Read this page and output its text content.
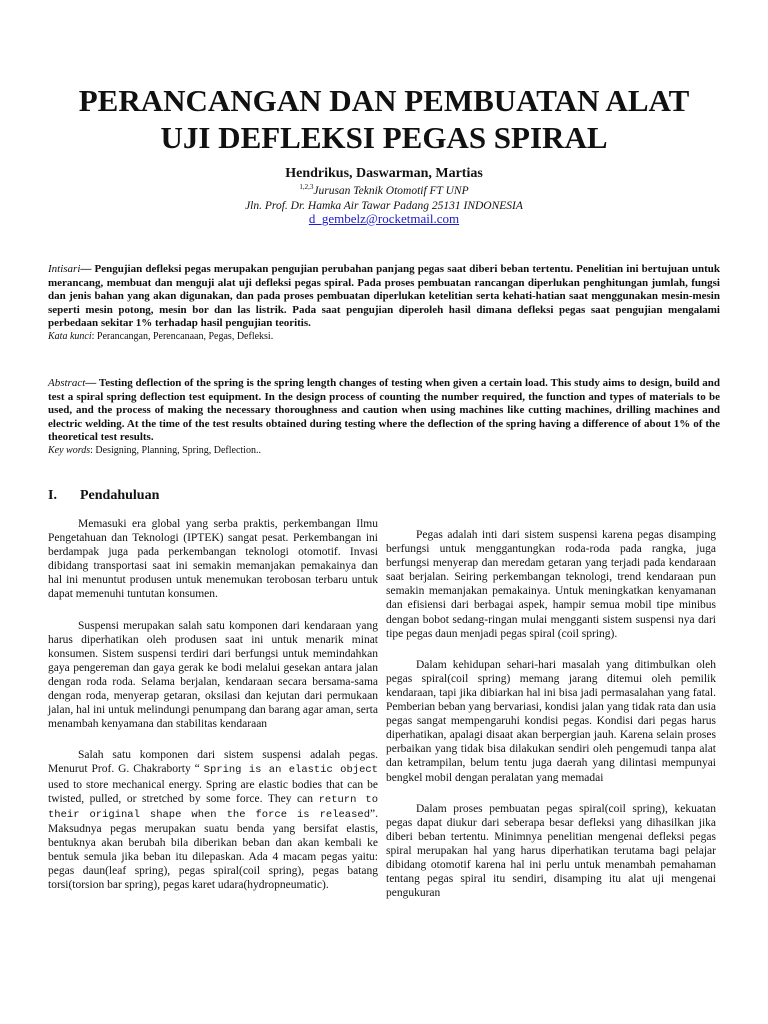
PERANCANGAN DAN PEMBUATAN ALAT
UJI DEFLEKSI PEGAS SPIRAL
Hendrikus, Daswarman, Martias
$^{1,2,3}$Jurusan Teknik Otomotif FT UNP
Jln. Prof. Dr. Hamka Air Tawar Padang 25131 INDONESIA
d_gembelz@rocketmail.com

Intisari— Pengujian defleksi pegas merupakan pengujian perubahan panjang pegas saat diberi beban tertentu. Penelitian ini bertujuan untuk merancang, membuat dan menguji alat uji defleksi pegas spiral. Pada proses pembuatan rancangan diperlukan penghitungan jumlah, fungsi dan jenis bahan yang akan digunakan, dan pada proses pembuatan diperlukan ketelitian serta kehati-hatian saat menggunakan mesin-mesin seperti mesin potong, mesin bor dan las listrik. Pada saat pengujian diperoleh hasil dimana defleksi pegas saat pengujian mengalami perbedaan sekitar 1% terhadap hasil pengujian teoritis.

Kata kunci: Perancangan, Perencanaan, Pegas, Defleksi.

Abstract— Testing deflection of the spring is the spring length changes of testing when given a certain load. This study aims to design, build and test a spiral spring deflection test equipment. In the design process of counting the number required, the function and types of materials to be used, and the process of making the necessary thoroughness and caution when using machines like cutting machines, drilling machines and electric welding. At the time of the test results obtained during testing where the deflection of the spring having a difference of about 1% of the theoretical test results.

Key words: Designing, Planning, Spring, Deflection..

I. Pendahuluan

Memasuki era global yang serba praktis, perkembangan Ilmu Pengetahuan dan Teknologi (IPTEK) sangat pesat. Perkembangan ini berdampak juga pada perkembangan teknologi otomotif. Invasi dibidang transportasi saat ini semakin memanjakan pemakainya dan hal ini menuntut produsen untuk menemukan terobosan terbaru untuk dapat memenuhi tuntutan konsumen.

Suspensi merupakan salah satu komponen dari kendaraan yang harus diperhatikan oleh produsen saat ini untuk menarik minat konsumen. Sistem suspensi terdiri dari berfungsi untuk memindahkan gaya pengereman dan gaya gerak ke bodi melalui gesekan antara jalan dengan roda roda. Selama berjalan, kendaraan secara bersama-sama dengan roda, menyerap getaran, oksilasi dan kejutan dari permukaan jalan, hal ini untuk melindungi penumpang dan barang agar aman, serta menambah kenyamana dan stabilitas kendaraan

Salah satu komponen dari sistem suspensi adalah pegas. Menurut Prof. G. Chakraborty “ Spring is an elastic object used to store mechanical energy. Spring are elastic bodies that can be twisted, pulled, or stretched by some force. They can return to their original shape when the force is released”. Maksudnya pegas merupakan suatu benda yang bersifat elastis, bentuknya akan berubah bila diberikan beban dan akan kembali ke bentuk semula jika beban itu dilepaskan. Ada 4 macam pegas yaitu: pegas daun(leaf spring), pegas spiral(coil spring), pegas batang torsi(torsion bar spring), pegas karet udara(hydropneumatic).

Pegas adalah inti dari sistem suspensi karena pegas disamping berfungsi untuk menggantungkan roda-roda pada rangka, juga berfungsi menyerap dan meredam getaran yang terjadi pada kendaraan saat berjalan. Seiring perkembangan teknologi, trend kendaraan pun semakin memanjakan pemakainya. Untuk meningkatkan kenyamanan dan efisiensi dari berbagai aspek, hampir semua mobil tipe minibus dengan bobot sedang-ringan mulai mengganti sistem suspensi nya dari tipe pegas daun menjadi pegas spiral (coil spring).

Dalam kehidupan sehari-hari masalah yang ditimbulkan oleh pegas spiral(coil spring) memang jarang ditemui oleh pemilik kendaraan, tapi jika dibiarkan hal ini bisa jadi permasalahan yang fatal. Pemberian beban yang bervariasi, kondisi jalan yang tidak rata dan usia pegas sangat mempengaruhi kondisi pegas. Kondisi dari pegas harus diperhatikan, apalagi disaat akan berpergian jauh. Karena selain proses perbaikan yang tidak bisa dilakukan sendiri oleh pengemudi tanpa alat dan ketrampilan, belum tentu juga daerah yang dilintasi mempunyai bengkel mobil dengan peralatan yang memadai

Dalam proses pembuatan pegas spiral(coil spring), kekuatan pegas dapat diukur dari seberapa besar defleksi yang dihasilkan jika diberi beban tertentu. Minimnya penelitian mengenai defleksi pegas spiral merupakan hal yang harus diperhatikan terutama bagi pelajar dibidang otomotif karena hal ini perlu untuk menambah pemahaman tentang pegas spiral itu sendiri, disamping itu alat uji mengenai pengukuran
